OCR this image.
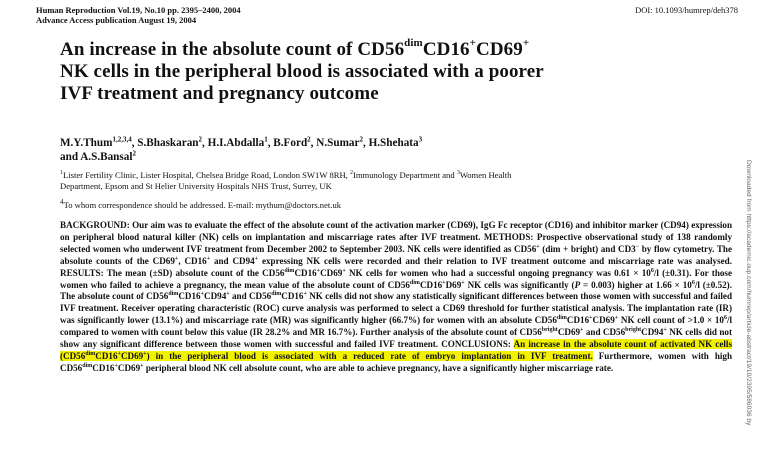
Human Reproduction Vol.19, No.10 pp. 2395–2400, 2004
Advance Access publication August 19, 2004
DOI: 10.1093/humrep/deh378
An increase in the absolute count of $CD56^{dim}CD16^+CD69^+$
NK cells in the peripheral blood is associated with a poorer
IVF treatment and pregnancy outcome
M.Y.Thum$^{1,2,3,4}$, S.Bhaskaran$^2$, H.I.Abdalla$^1$, B.Ford$^2$, N.Sumar$^2$, H.Shehata$^3$
and A.S.Bansal$^2$
$^1$Lister Fertility Clinic, Lister Hospital, Chelsea Bridge Road, London SW1W 8RH, $^2$Immunology Department and $^3$Women Health
Department, Epsom and St Helier University Hospitals NHS Trust, Surrey, UK
$^4$To whom correspondence should be addressed. E-mail: mythum@doctors.net.uk
BACKGROUND: Our aim was to evaluate the effect of the absolute count of the activation marker (CD69), IgG Fc receptor (CD16) and inhibitor marker (CD94) expression on peripheral blood natural killer (NK) cells on implantation and miscarriage rates after IVF treatment. METHODS: Prospective observational study of 138 randomly selected women who underwent IVF treatment from December 2002 to September 2003. NK cells were identified as CD56+ (dim + bright) and CD3− by flow cytometry. The absolute counts of the CD69+, CD16+ and CD94+ expressing NK cells were recorded and their relation to IVF treatment outcome and miscarriage rate was analysed. RESULTS: The mean (±SD) absolute count of the $CD56^{dim}CD16^+CD69^+$ NK cells for women who had a successful ongoing pregnancy was $0.61 \times 10^6/l$ (±0.31). For those women who failed to achieve a pregnancy, the mean value of the absolute count of $CD56^{dim}CD16^+D69^+$ NK cells was significantly (P = 0.003) higher at $1.66 \times 10^6/l$ (±0.52). The absolute count of $CD56^{dim}CD16^+CD94^+$ and $CD56^{dim}CD16^+$ NK cells did not show any statistically significant differences between those women with successful and failed IVF treatment. Receiver operating characteristic (ROC) curve analysis was performed to select a CD69 threshold for further statistical analysis. The implantation rate (IR) was significantly lower (13.1%) and miscarriage rate (MR) was significantly higher (66.7%) for women with an absolute $CD56^{dim}CD16^+CD69^+$ NK cell count of $>1.0 \times 10^6/l$ compared to women with count below this value (IR 28.2% and MR 16.7%). Further analysis of the absolute count of $CD56^{bright}CD69^+$ and $CD56^{bright}CD94^+$ NK cells did not show any significant difference between those women with successful and failed IVF treatment. CONCLUSIONS: An increase in the absolute count of activated NK cells $(CD56^{dim}CD16^+CD69^+)$ in the peripheral blood is associated with a reduced rate of embryo implantation in IVF treatment. Furthermore, women with high $CD56^{dim}CD16^+CD69^+$ peripheral blood NK cell absolute count, who are able to achieve pregnancy, have a significantly higher miscarriage rate.	Downloaded from https://academic.oup.com/humrep/article-abstract/19/10/2395/586036 by
